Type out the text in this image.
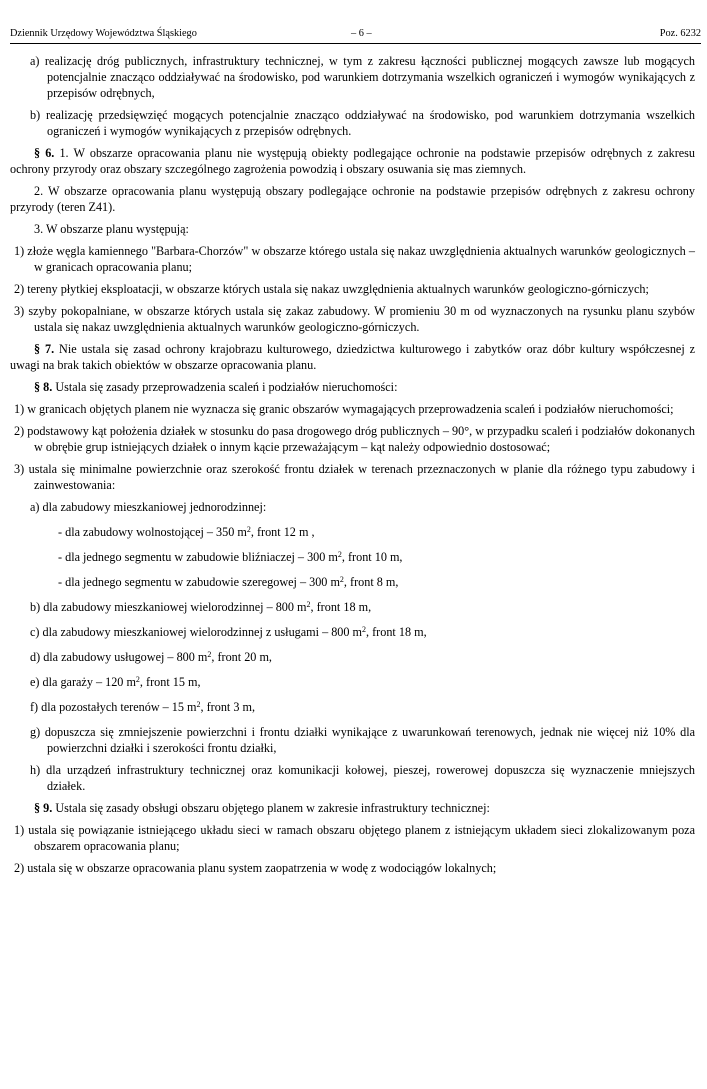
Dziennik Urzędowy Województwa Śląskiego	– 6 –	Poz. 6232

a) realizację dróg publicznych, infrastruktury technicznej, w tym z zakresu łączności publicznej mogących zawsze lub mogących potencjalnie znacząco oddziaływać na środowisko, pod warunkiem dotrzymania wszelkich ograniczeń i wymogów wynikających z przepisów odrębnych,

b) realizację przedsięwzięć mogących potencjalnie znacząco oddziaływać na środowisko, pod warunkiem dotrzymania wszelkich ograniczeń i wymogów wynikających z przepisów odrębnych.

§ 6. 1. W obszarze opracowania planu nie występują obiekty podlegające ochronie na podstawie przepisów odrębnych z zakresu ochrony przyrody oraz obszary szczególnego zagrożenia powodzią i obszary osuwania się mas ziemnych.

2. W obszarze opracowania planu występują obszary podlegające ochronie na podstawie przepisów odrębnych z zakresu ochrony przyrody (teren Z41).

3. W obszarze planu występują:

1) złoże węgla kamiennego "Barbara-Chorzów" w obszarze którego ustala się nakaz uwzględnienia aktualnych warunków geologicznych – w granicach opracowania planu;

2) tereny płytkiej eksploatacji, w obszarze których ustala się nakaz uwzględnienia aktualnych warunków geologiczno-górniczych;

3) szyby pokopalniane, w obszarze których ustala się zakaz zabudowy. W promieniu 30 m od wyznaczonych na rysunku planu szybów ustala się nakaz uwzględnienia aktualnych warunków geologiczno-górniczych.

§ 7. Nie ustala się zasad ochrony krajobrazu kulturowego, dziedzictwa kulturowego i zabytków oraz dóbr kultury współczesnej z uwagi na brak takich obiektów w obszarze opracowania planu.

§ 8. Ustala się zasady przeprowadzenia scaleń i podziałów nieruchomości:

1) w granicach objętych planem nie wyznacza się granic obszarów wymagających przeprowadzenia scaleń i podziałów nieruchomości;

2) podstawowy kąt położenia działek w stosunku do pasa drogowego dróg publicznych – 90°, w przypadku scaleń i podziałów dokonanych w obrębie grup istniejących działek o innym kącie przeważającym – kąt należy odpowiednio dostosować;

3) ustala się minimalne powierzchnie oraz szerokość frontu działek w terenach przeznaczonych w planie dla różnego typu zabudowy i zainwestowania:

a) dla zabudowy mieszkaniowej jednorodzinnej:

- dla zabudowy wolnostojącej – 350 $m^2$, front 12 m ,

- dla jednego segmentu w zabudowie bliźniaczej – 300 $m^2$, front 10 m,

- dla jednego segmentu w zabudowie szeregowej – 300 $m^2$, front 8 m,

b) dla zabudowy mieszkaniowej wielorodzinnej – 800 $m^2$, front 18 m,

c) dla zabudowy mieszkaniowej wielorodzinnej z usługami – 800 $m^2$, front 18 m,

d) dla zabudowy usługowej – 800 $m^2$, front 20 m,

e) dla garaży – 120 $m^2$, front 15 m,

f) dla pozostałych terenów – 15 $m^2$, front 3 m,

g) dopuszcza się zmniejszenie powierzchni i frontu działki wynikające z uwarunkowań terenowych, jednak nie więcej niż 10% dla powierzchni działki i szerokości frontu działki,

h) dla urządzeń infrastruktury technicznej oraz komunikacji kołowej, pieszej, rowerowej dopuszcza się wyznaczenie mniejszych działek.

§ 9. Ustala się zasady obsługi obszaru objętego planem w zakresie infrastruktury technicznej:

1) ustala się powiązanie istniejącego układu sieci w ramach obszaru objętego planem z istniejącym układem sieci zlokalizowanym poza obszarem opracowania planu;

2) ustala się w obszarze opracowania planu system zaopatrzenia w wodę z wodociągów lokalnych;
